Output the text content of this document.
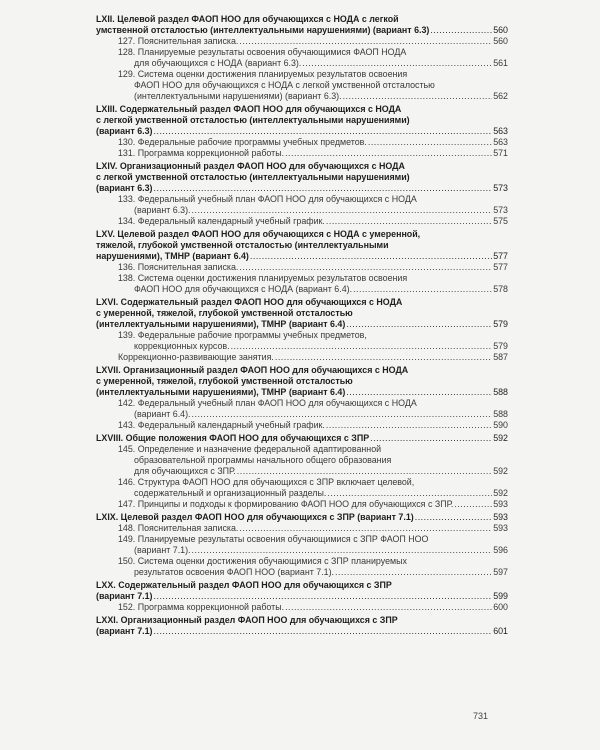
LXII. Целевой раздел ФАОП НОО для обучающихся с НОДА с легкой
умственной отсталостью (интеллектуальными нарушениями) (вариант 6.3) .....	560
127. Пояснительная записка. .....	560
128. Планируемые результаты освоения обучающимися ФАОП НОДА
для обучающихся с НОДА (вариант 6.3). .....	561
129. Система оценки достижения планируемых результатов освоения
ФАОП НОО для обучающихся с НОДА с легкой умственной отсталостью
(интеллектуальными нарушениями) (вариант 6.3). .....	562
LXIII. Содержательный раздел ФАОП НОО для обучающихся с НОДА
с легкой умственной отсталостью (интеллектуальными нарушениями)
(вариант 6.3) .....	563
130. Федеральные рабочие программы учебных предметов. .....	563
131. Программа коррекционной работы. .....	571
LXIV. Организационный раздел ФАОП НОО для обучающихся с НОДА
с легкой умственной отсталостью (интеллектуальными нарушениями)
(вариант 6.3) .....	573
133. Федеральный учебный план ФАОП НОО для обучающихся с НОДА
(вариант 6.3). .....	573
134. Федеральный календарный учебный график. .....	575
LXV. Целевой раздел ФАОП НОО для обучающихся с НОДА с умеренной,
тяжелой, глубокой умственной отсталостью (интеллектуальными
нарушениями), ТМНР (вариант 6.4) .....	577
136. Пояснительная записка. .....	577
138. Система оценки достижения планируемых результатов освоения
ФАОП НОО для обучающихся с НОДА (вариант 6.4). .....	578
LXVI. Содержательный раздел ФАОП НОО для обучающихся с НОДА
с умеренной, тяжелой, глубокой умственной отсталостью
(интеллектуальными нарушениями), ТМНР (вариант 6.4) .....	579
139. Федеральные рабочие программы учебных предметов,
коррекционных курсов. .....	579
Коррекционно-развивающие занятия. .....	587
LXVII. Организационный раздел ФАОП НОО для обучающихся с НОДА
с умеренной, тяжелой, глубокой умственной отсталостью
(интеллектуальными нарушениями), ТМНР (вариант 6.4) .....	588
142. Федеральный учебный план ФАОП НОО для обучающихся с НОДА
(вариант 6.4). .....	588
143. Федеральный календарный учебный график. .....	590
LXVIII. Общие положения ФАОП НОО для обучающихся с ЗПР .....	592
145. Определение и назначение федеральной адаптированной
образовательной программы начального общего образования
для обучающихся с ЗПР. .....	592
146. Структура ФАОП НОО для обучающихся с ЗПР включает целевой,
содержательный и организационный разделы. .....	592
147. Принципы и подходы к формированию ФАОП НОО для обучающихся с ЗПР. .....	593
LXIX. Целевой раздел ФАОП НОО для обучающихся с ЗПР (вариант 7.1) .....	593
148. Пояснительная записка. .....	593
149. Планируемые результаты освоения обучающимися с ЗПР ФАОП НОО
(вариант 7.1). .....	596
150. Система оценки достижения обучающимися с ЗПР планируемых
результатов освоения ФАОП НОО (вариант 7.1). .....	597
LXX. Содержательный раздел ФАОП НОО для обучающихся с ЗПР
(вариант 7.1) .....	599
152. Программа коррекционной работы. .....	600
LXXI. Организационный раздел ФАОП НОО для обучающихся с ЗПР
(вариант 7.1) .....	601
731
